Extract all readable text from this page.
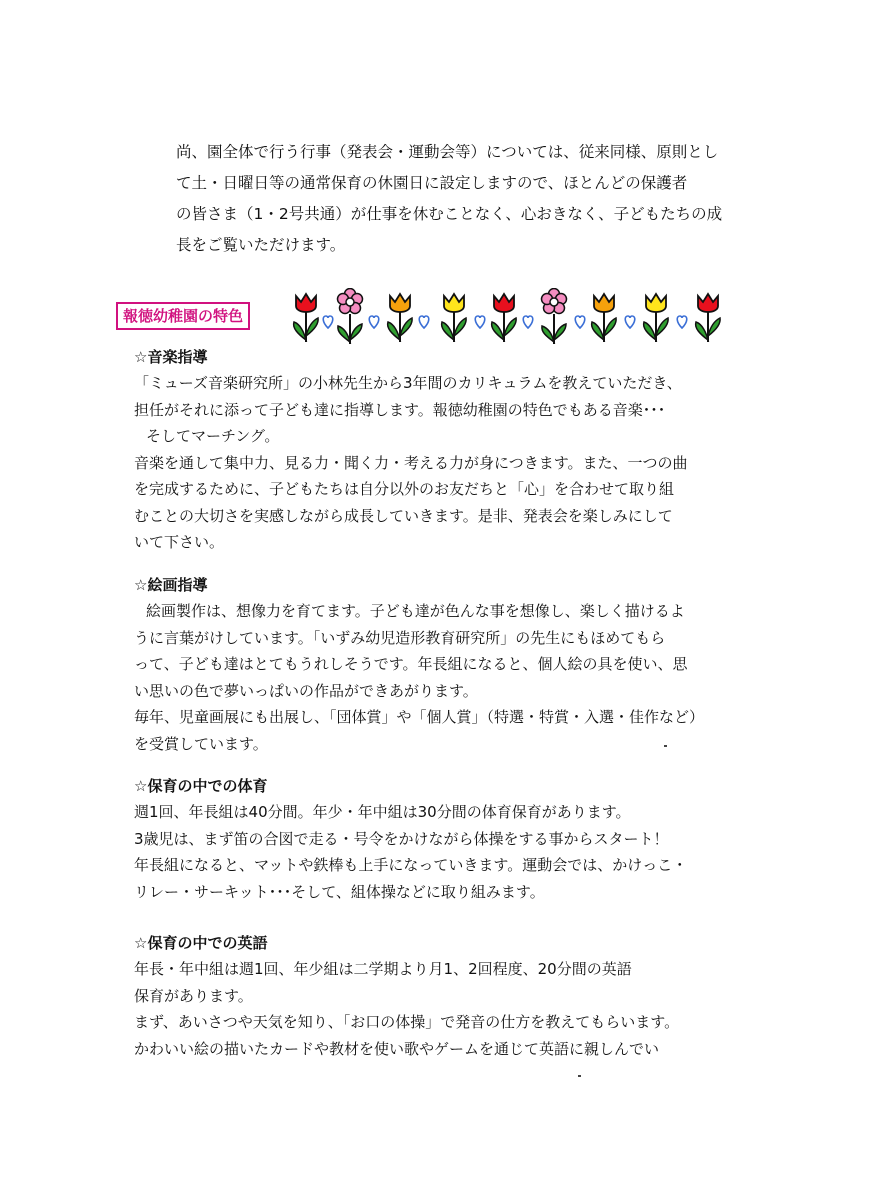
尚、園全体で行う行事（発表会・運動会等）については、従来同様、原則とし

て土・日曜日等の通常保育の休園日に設定しますので、ほとんどの保護者

の皆さま（1・2号共通）が仕事を休むことなく、心おきなく、子どもたちの成

長をご覧いただけます。

報徳幼稚園の特色
☆音楽指導

「ミューズ音楽研究所」の小林先生から3年間のカリキュラムを教えていただき、

担任がそれに添って子ども達に指導します。報徳幼稚園の特色でもある音楽･･･

そしてマーチング。

音楽を通して集中力、見る力・聞く力・考える力が身につきます。また、一つの曲

を完成するために、子どもたちは自分以外のお友だちと「心」を合わせて取り組

むことの大切さを実感しながら成長していきます。是非、発表会を楽しみにして

いて下さい。

☆絵画指導

絵画製作は、想像力を育てます。子ども達が色んな事を想像し、楽しく描けるよ

うに言葉がけしています。「いずみ幼児造形教育研究所」の先生にもほめてもら

って、子ども達はとてもうれしそうです。年長組になると、個人絵の具を使い、思

い思いの色で夢いっぱいの作品ができあがります。

毎年、児童画展にも出展し、「団体賞」や「個人賞」（特選・特賞・入選・佳作など）

を受賞しています。

☆保育の中での体育

週1回、年長組は40分間。年少・年中組は30分間の体育保育があります。

3歳児は、まず笛の合図で走る・号令をかけながら体操をする事からスタート！

年長組になると、マットや鉄棒も上手になっていきます。運動会では、かけっこ・

リレー・サーキット･･･そして、組体操などに取り組みます。

☆保育の中での英語

年長・年中組は週1回、年少組は二学期より月1、2回程度、20分間の英語

保育があります。

まず、あいさつや天気を知り、「お口の体操」で発音の仕方を教えてもらいます。

かわいい絵の描いたカードや教材を使い歌やゲームを通じて英語に親しんでい
